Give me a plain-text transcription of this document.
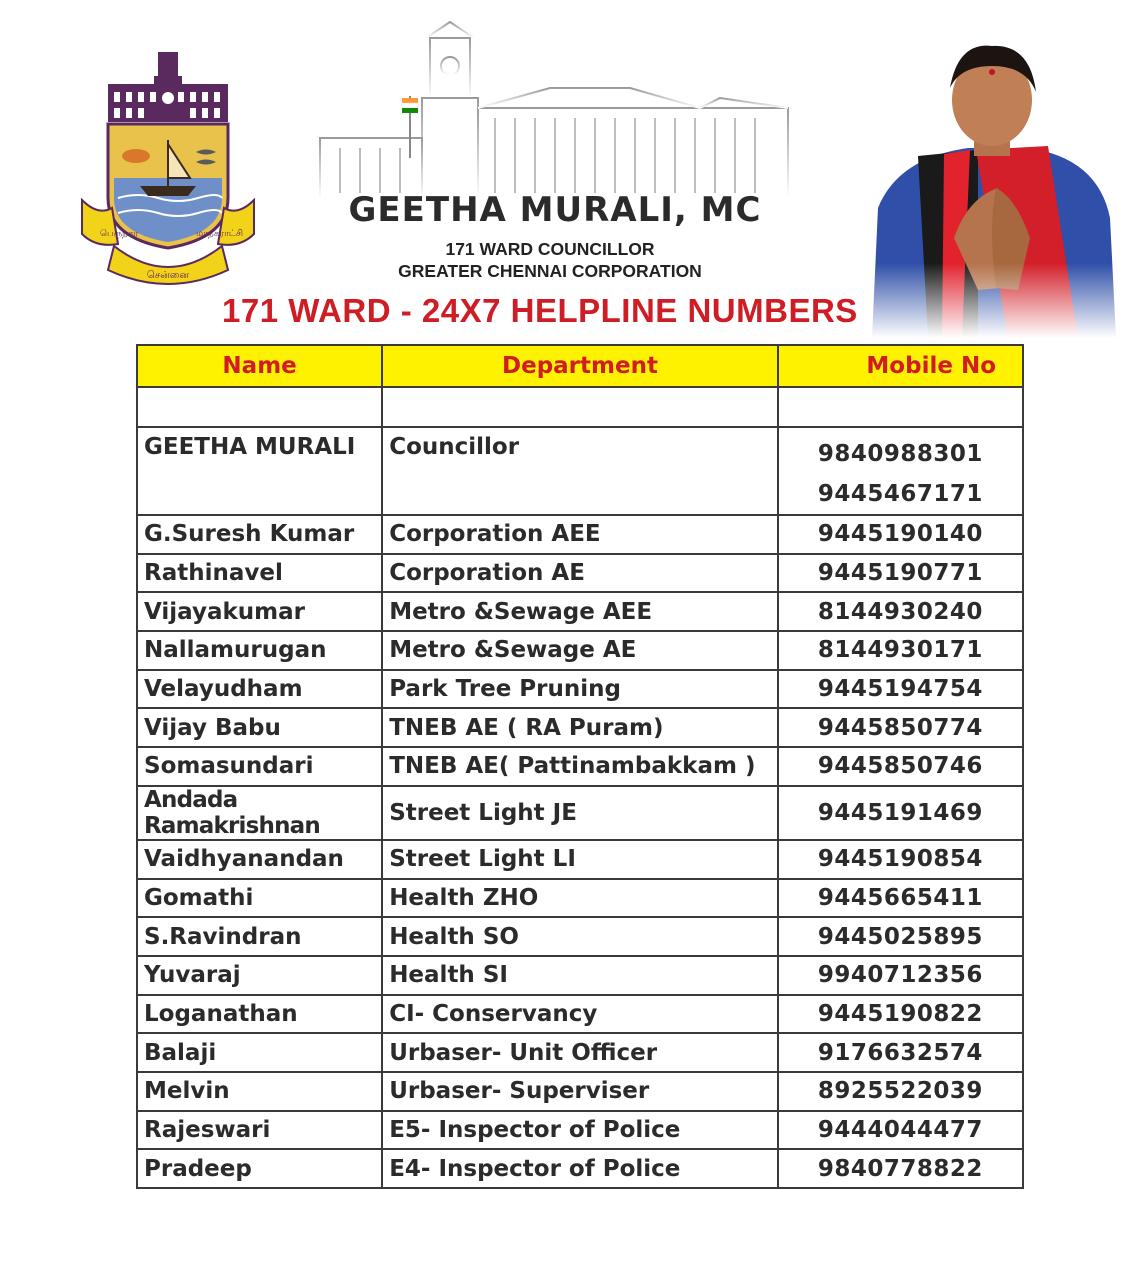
பெருநகர	மாநகராட்சி
சென்னை
GEETHA MURALI, MC
171 WARD COUNCILLOR
GREATER CHENNAI CORPORATION
171 WARD - 24X7 HELPLINE NUMBERS
Name	Department	Mobile No

GEETHA MURALI	Councillor	9840988301
9445467171

G.Suresh Kumar	Corporation AEE	9445190140
Rathinavel	Corporation AE	9445190771
Vijayakumar	Metro &Sewage AEE	8144930240
Nallamurugan	Metro &Sewage AE	8144930171
Velayudham	Park Tree Pruning	9445194754
Vijay Babu	TNEB AE ( RA Puram)	9445850774
Somasundari	TNEB AE( Pattinambakkam )	9445850746
Andada Ramakrishnan	Street Light JE	9445191469
Vaidhyanandan	Street Light LI	9445190854
Gomathi	Health ZHO	9445665411
S.Ravindran	Health SO	9445025895
Yuvaraj	Health SI	9940712356
Loganathan	CI- Conservancy	9445190822
Balaji	Urbaser- Unit Officer	9176632574
Melvin	Urbaser- Superviser	8925522039
Rajeswari	E5- Inspector of Police	9444044477
Pradeep	E4- Inspector of Police	9840778822
